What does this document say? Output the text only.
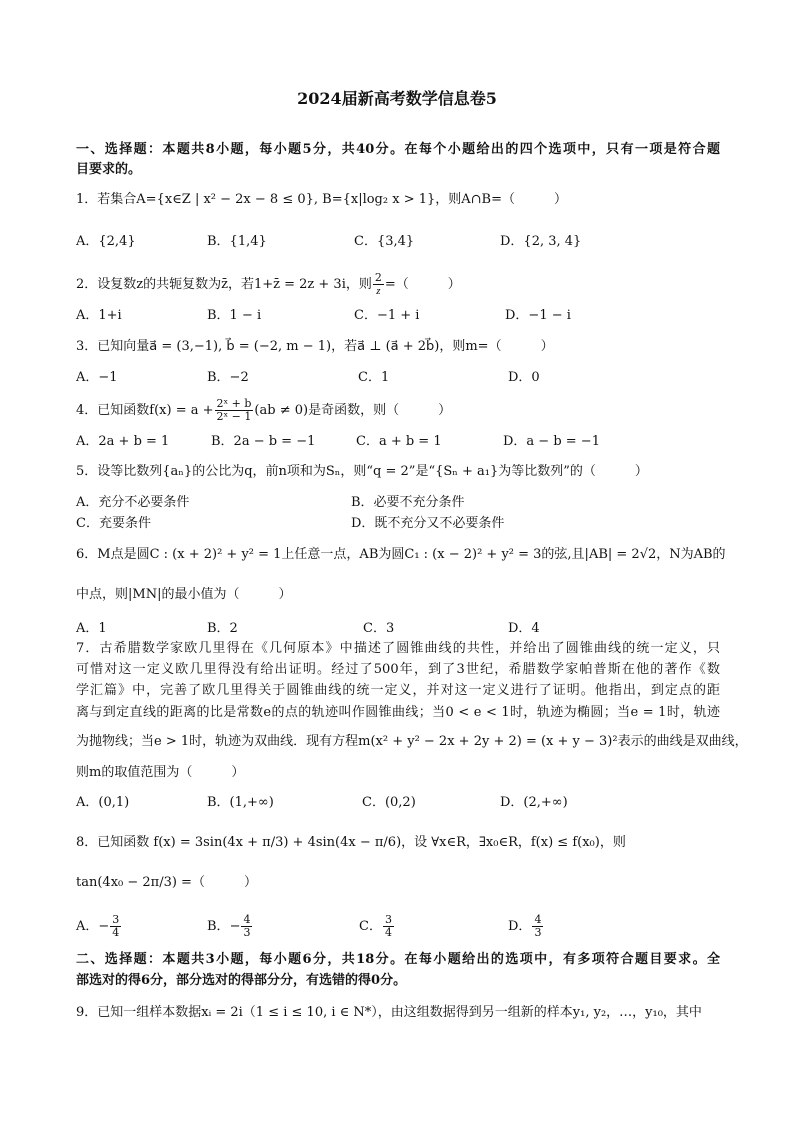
2024届新高考数学信息卷5
一、选择题：本题共8小题，每小题5分，共40分。在每个小题给出的四个选项中，只有一项是符合题
目要求的。
1．若集合A={x∈Z | x² − 2x − 8 ≤ 0}, B={x|log₂ x > 1}，则A∩B=（　　　）
A．{2,4}	B．{1,4}	C．{3,4}	D．{2, 3, 4}
2．设复数z的共轭复数为z̄，若1+z̄ = 2z + 3i，则 $\frac{2}{z}$ =（　　　）
A．1+i	B．1 − i	C．−1 + i	D．−1 − i
3．已知向量a⃗ = (3,−1), b⃗ = (−2, m − 1)，若a⃗ ⊥ (a⃗ + 2b⃗)，则m=（　　　）
A．−1	B．−2	C．1	D．0
4．已知函数$f(x) = a + \frac{\text{2ˣ + b}}{\text{2ˣ − 1}} (ab \ne 0)$是奇函数，则（　　　）
A．2a + b = 1	B．2a − b = −1	C．a + b = 1	D．a − b = −1
5．设等比数列{aₙ}的公比为q，前n项和为Sₙ，则“q = 2”是“{Sₙ + a₁}为等比数列”的（　　　）
A．充分不必要条件	B．必要不充分条件
C．充要条件	D．既不充分又不必要条件
6．M点是圆C : (x + 2)² + y² = 1上任意一点，AB为圆C₁ : (x − 2)² + y² = 3的弦,且|AB| = 2√2，N为AB的
中点，则|MN|的最小值为（　　　）
A．1	B．2	C．3	D．4
7．古希腊数学家欧几里得在《几何原本》中描述了圆锥曲线的共性，并给出了圆锥曲线的统一定义，只
可惜对这一定义欧几里得没有给出证明。经过了500年，到了3世纪，希腊数学家帕普斯在他的著作《数
学汇篇》中，完善了欧几里得关于圆锥曲线的统一定义，并对这一定义进行了证明。他指出，到定点的距
离与到定直线的距离的比是常数e的点的轨迹叫作圆锥曲线；当0 < e < 1时，轨迹为椭圆；当e = 1时，轨迹
为抛物线；当e > 1时，轨迹为双曲线．现有方程m(x² + y² − 2x + 2y + 2) = (x + y − 3)²表示的曲线是双曲线，
则m的取值范围为（　　　）
A．(0,1)	B．(1,+∞)	C．(0,2)	D．(2,+∞)
8．已知函数 f(x) = 3sin(4x + π/3) + 4sin(4x − π/6)，设 ∀x∈R，∃x₀∈R，f(x) ≤ f(x₀)，则
tan(4x₀ − 2π/3) =（　　　）
A．− $\frac{3}{4}$	B．− $\frac{4}{3}$	C． $\frac{3}{4}$	D． $\frac{4}{3}$
二、选择题：本题共3小题，每小题6分，共18分。在每小题给出的选项中，有多项符合题目要求。全
部选对的得6分，部分选对的得部分分，有选错的得0分。
9．已知一组样本数据xᵢ = 2i（1 ≤ i ≤ 10, i ∈ N*），由这组数据得到另一组新的样本y₁, y₂，…，y₁₀，其中
